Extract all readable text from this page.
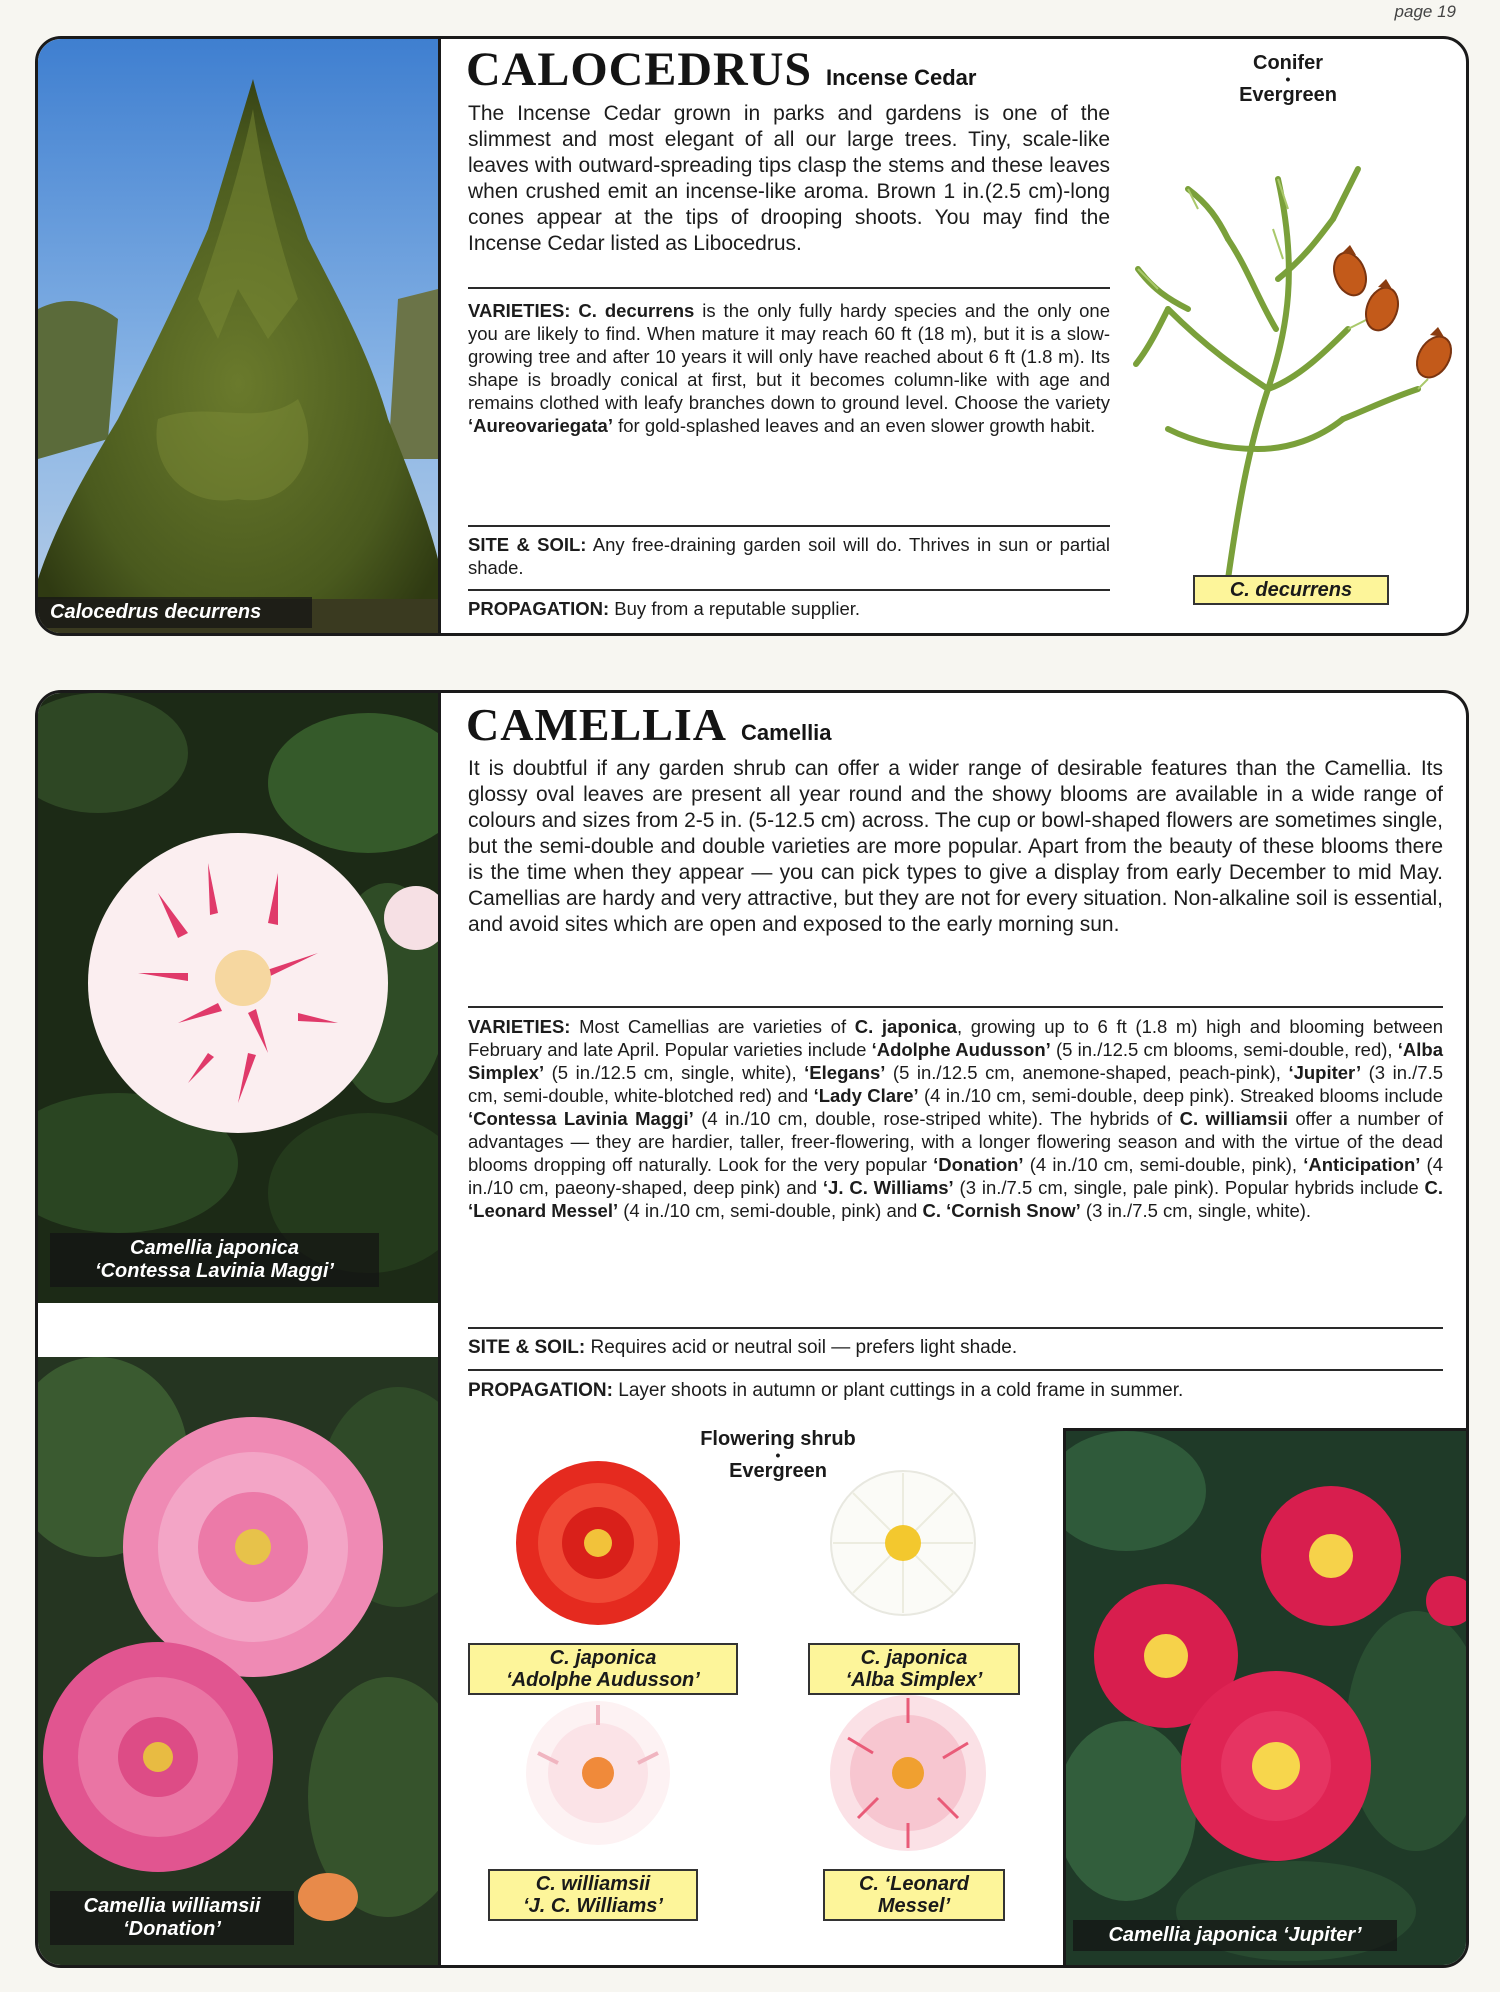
page 19
Calocedrus decurrens
CALOCEDRUS Incense Cedar
The Incense Cedar grown in parks and gardens is one of the slimmest and most elegant of all our large trees. Tiny, scale-like leaves with outward-spreading tips clasp the stems and these leaves when crushed emit an incense-like aroma. Brown 1 in.(2.5 cm)-long cones appear at the tips of drooping shoots. You may find the Incense Cedar listed as Libocedrus.
VARIETIES: C. decurrens is the only fully hardy species and the only one you are likely to find. When mature it may reach 60 ft (18 m), but it is a slow-growing tree and after 10 years it will only have reached about 6 ft (1.8 m). Its shape is broadly conical at first, but it becomes column-like with age and remains clothed with leafy branches down to ground level. Choose the variety ‘Aureovariegata’ for gold-splashed leaves and an even slower growth habit.
SITE & SOIL: Any free-draining garden soil will do. Thrives in sun or partial shade.
PROPAGATION: Buy from a reputable supplier.
Conifer
•
Evergreen
C. decurrens
Camellia japonica
‘Contessa Lavinia Maggi’
Camellia williamsii
‘Donation’
CAMELLIA Camellia
It is doubtful if any garden shrub can offer a wider range of desirable features than the Camellia. Its glossy oval leaves are present all year round and the showy blooms are available in a wide range of colours and sizes from 2-5 in. (5-12.5 cm) across. The cup or bowl-shaped flowers are sometimes single, but the semi-double and double varieties are more popular. Apart from the beauty of these blooms there is the time when they appear — you can pick types to give a display from early December to mid May. Camellias are hardy and very attractive, but they are not for every situation. Non-alkaline soil is essential, and avoid sites which are open and exposed to the early morning sun.
VARIETIES: Most Camellias are varieties of C. japonica, growing up to 6 ft (1.8 m) high and blooming between February and late April. Popular varieties include ‘Adolphe Audusson’ (5 in./12.5 cm blooms, semi-double, red), ‘Alba Simplex’ (5 in./12.5 cm, single, white), ‘Elegans’ (5 in./12.5 cm, anemone-shaped, peach-pink), ‘Jupiter’ (3 in./7.5 cm, semi-double, white-blotched red) and ‘Lady Clare’ (4 in./10 cm, semi-double, deep pink). Streaked blooms include ‘Contessa Lavinia Maggi’ (4 in./10 cm, double, rose-striped white). The hybrids of C. williamsii offer a number of advantages — they are hardier, taller, freer-flowering, with a longer flowering season and with the virtue of the dead blooms dropping off naturally. Look for the very popular ‘Donation’ (4 in./10 cm, semi-double, pink), ‘Anticipation’ (4 in./10 cm, paeony-shaped, deep pink) and ‘J. C. Williams’ (3 in./7.5 cm, single, pale pink). Popular hybrids include C. ‘Leonard Messel’ (4 in./10 cm, semi-double, pink) and C. ‘Cornish Snow’ (3 in./7.5 cm, single, white).
SITE & SOIL: Requires acid or neutral soil — prefers light shade.
PROPAGATION: Layer shoots in autumn or plant cuttings in a cold frame in summer.
Flowering shrub
•
Evergreen
C. japonica
‘Adolphe Audusson’
C. japonica
‘Alba Simplex’
C. williamsii
‘J. C. Williams’
C. ‘Leonard
Messel’
Camellia japonica ‘Jupiter’
